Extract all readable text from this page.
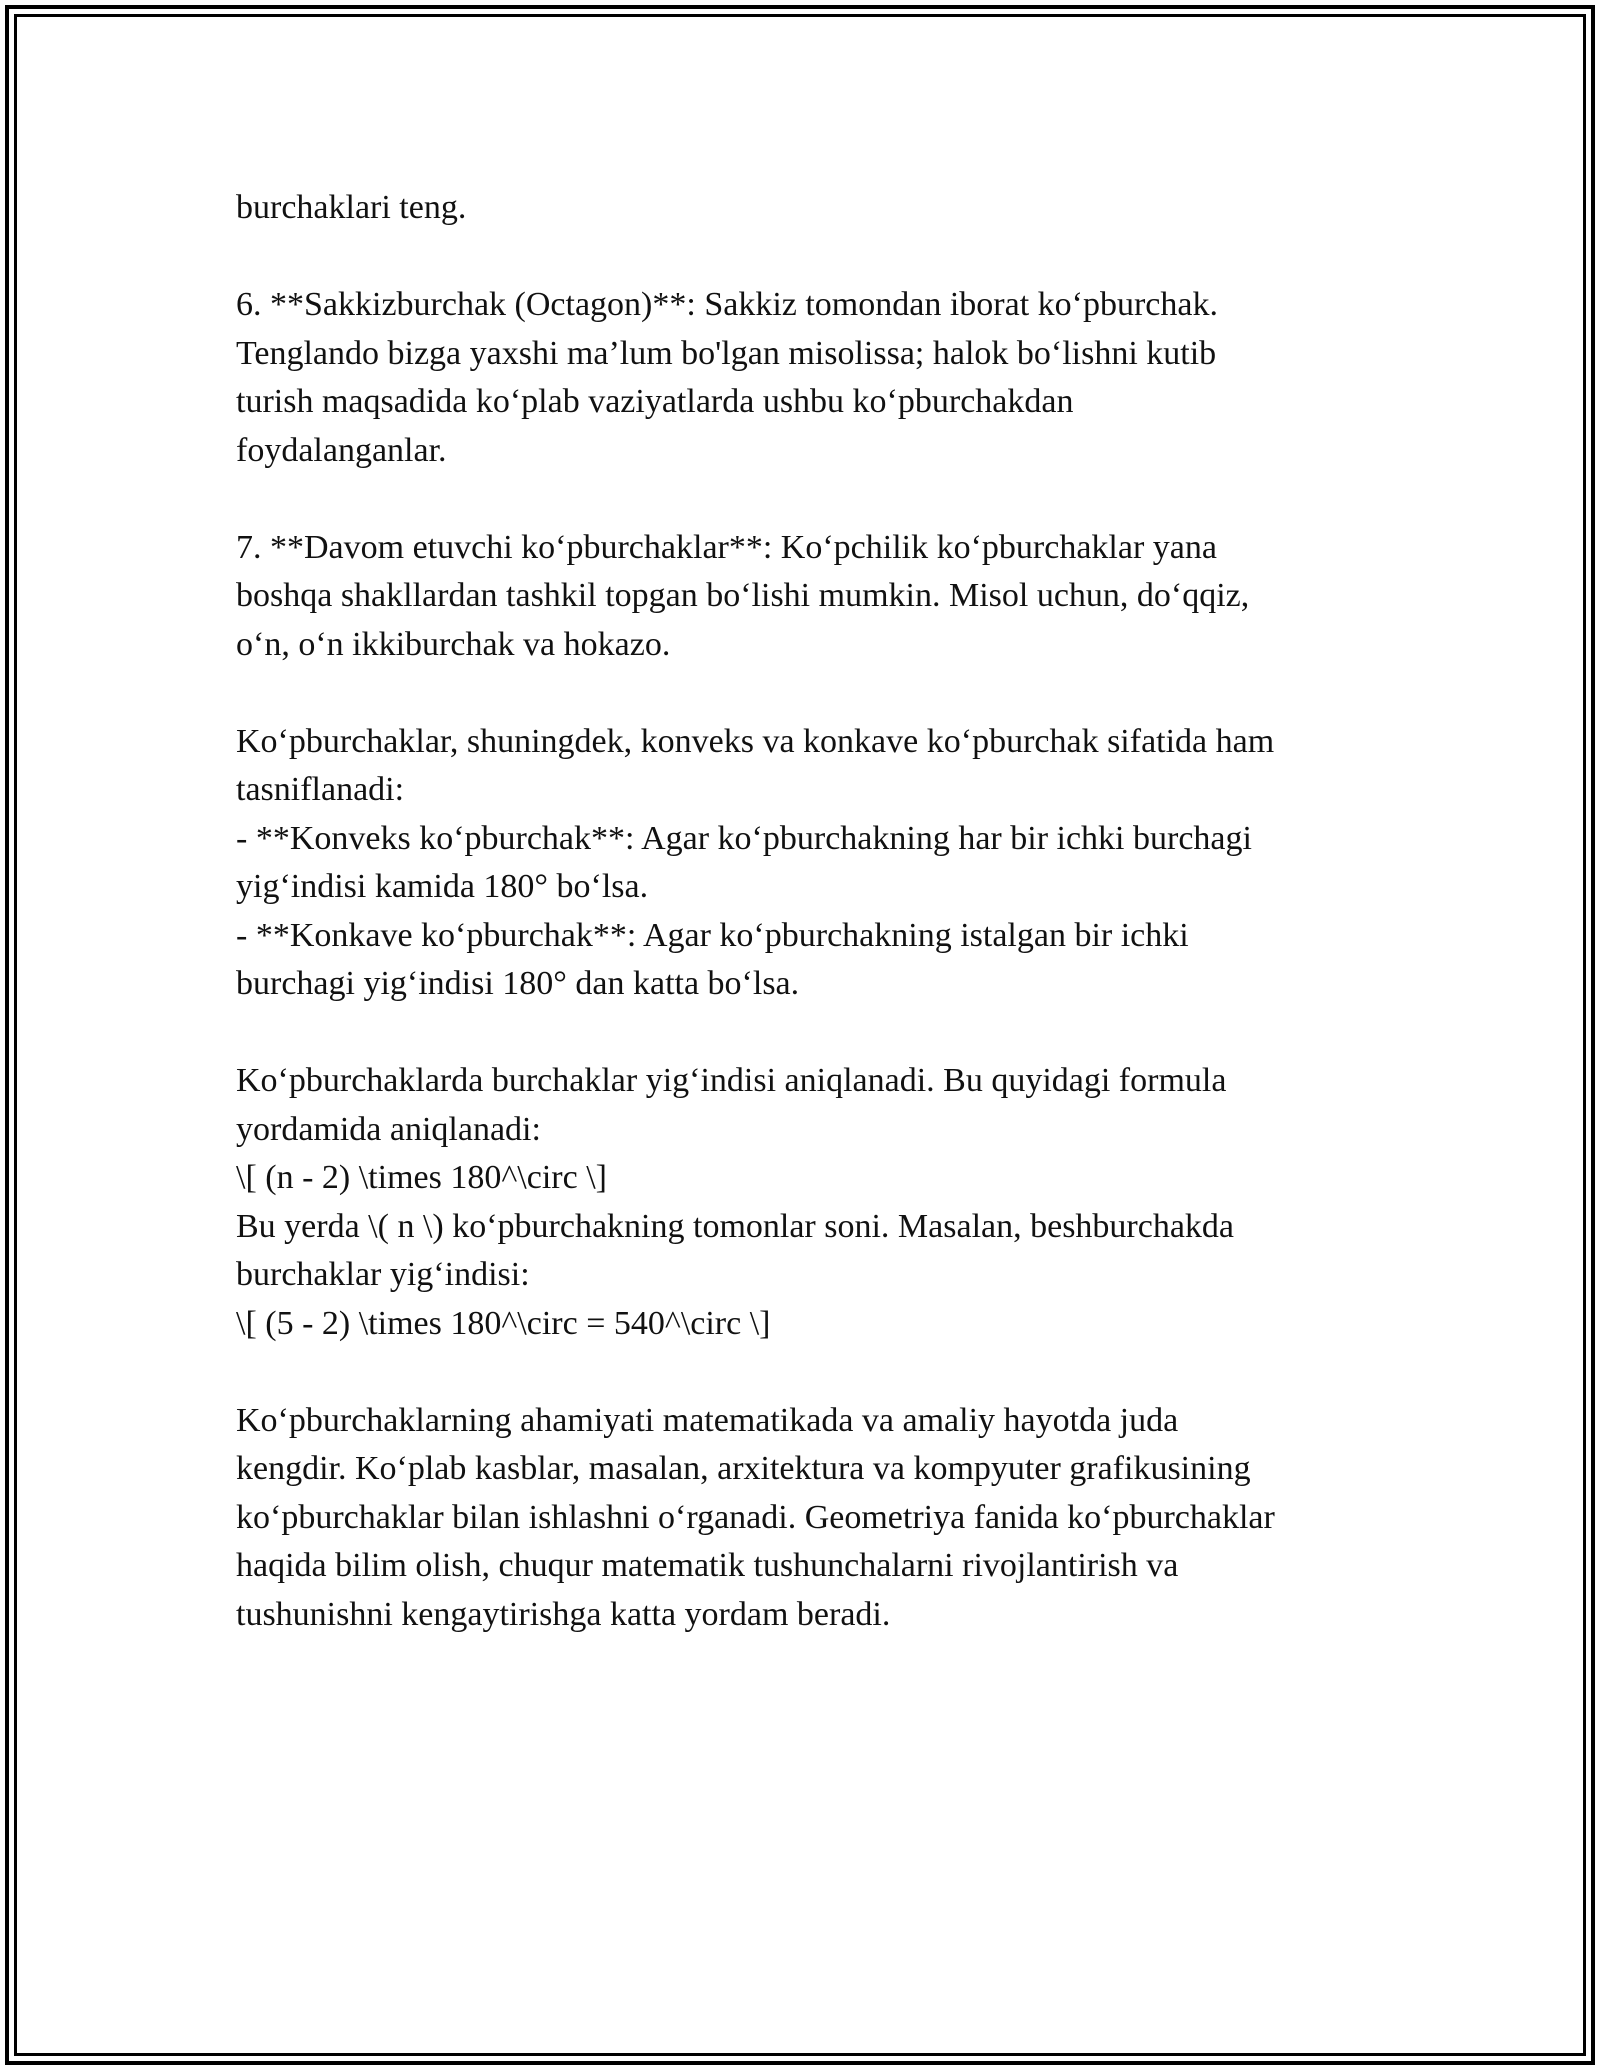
burchaklari teng.

6. **Sakkizburchak (Octagon)**: Sakkiz tomondan iborat ko‘pburchak.
Tenglando bizga yaxshi ma’lum bo'lgan misolissa; halok bo‘lishni kutib
turish maqsadida ko‘plab vaziyatlarda ushbu ko‘pburchakdan
foydalanganlar.

7. **Davom etuvchi ko‘pburchaklar**: Ko‘pchilik ko‘pburchaklar yana
boshqa shakllardan tashkil topgan bo‘lishi mumkin. Misol uchun, do‘qqiz,
o‘n, o‘n ikkiburchak va hokazo.

Ko‘pburchaklar, shuningdek, konveks va konkave ko‘pburchak sifatida ham
tasniflanadi:
- **Konveks ko‘pburchak**: Agar ko‘pburchakning har bir ichki burchagi
yig‘indisi kamida 180° bo‘lsa.
- **Konkave ko‘pburchak**: Agar ko‘pburchakning istalgan bir ichki
burchagi yig‘indisi 180° dan katta bo‘lsa.

Ko‘pburchaklarda burchaklar yig‘indisi aniqlanadi. Bu quyidagi formula
yordamida aniqlanadi:
\[ (n - 2) \times 180^\circ \]
Bu yerda \( n \) ko‘pburchakning tomonlar soni. Masalan, beshburchakda
burchaklar yig‘indisi:
\[ (5 - 2) \times 180^\circ = 540^\circ \]

Ko‘pburchaklarning ahamiyati matematikada va amaliy hayotda juda
kengdir. Ko‘plab kasblar, masalan, arxitektura va kompyuter grafikusining
ko‘pburchaklar bilan ishlashni o‘rganadi. Geometriya fanida ko‘pburchaklar
haqida bilim olish, chuqur matematik tushunchalarni rivojlantirish va
tushunishni kengaytirishga katta yordam beradi.
